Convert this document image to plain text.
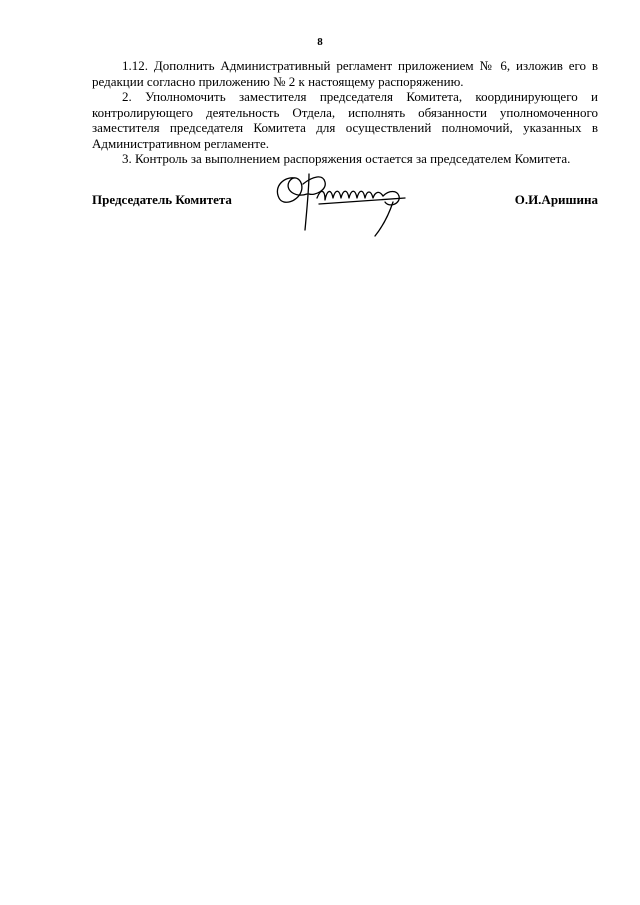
8

1.12. Дополнить Административный регламент приложением № 6, изложив его в редакции согласно приложению № 2 к настоящему распоряжению.

2. Уполномочить заместителя председателя Комитета, координирующего и контролирующего деятельность Отдела, исполнять обязанности уполномоченного заместителя председателя Комитета для осуществлений полномочий, указанных в Административном регламенте.

3. Контроль за выполнением распоряжения остается за председателем Комитета.

Председатель Комитета	О.И.Аришина
